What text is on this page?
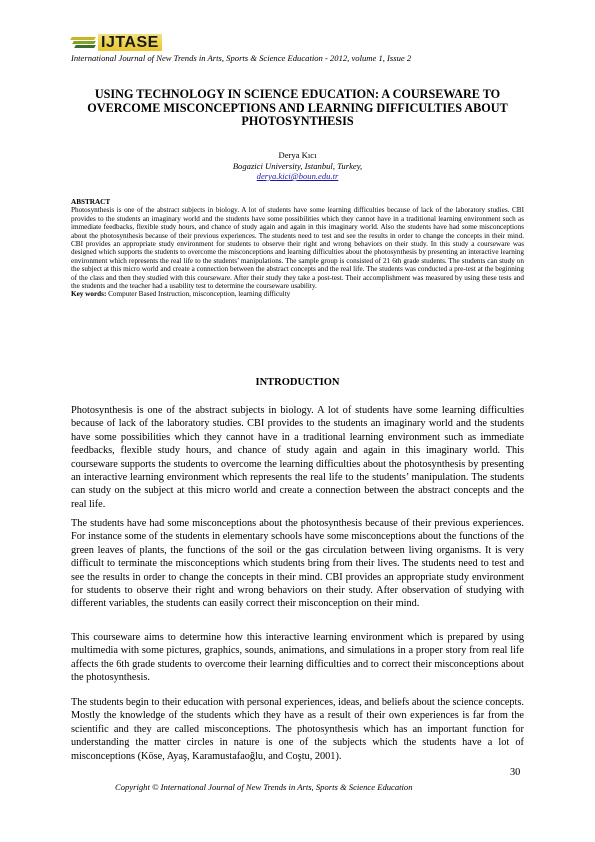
IJTASE
International Journal of New Trends in Arts, Sports & Science Education - 2012, volume 1, Issue 2
USING TECHNOLOGY IN SCIENCE EDUCATION: A COURSEWARE TO OVERCOME MISCONCEPTIONS AND LEARNING DIFFICULTIES ABOUT PHOTOSYNTHESIS
Derya Kıcı
Bogazici University, Istanbul, Turkey,
derya.kici@boun.edu.tr
ABSTRACT
Photosynthesis is one of the abstract subjects in biology. A lot of students have some learning difficulties because of lack of the laboratory studies. CBI provides to the students an imaginary world and the students have some possibilities which they cannot have in a traditional learning environment such as immediate feedbacks, flexible study hours, and chance of study again and again in this imaginary world. Also the students have had some misconceptions about the photosynthesis because of their previous experiences. The students need to test and see the results in order to change the concepts in their mind. CBI provides an appropriate study environment for students to observe their right and wrong behaviors on their study. In this study a courseware was designed which supports the students to overcome the misconceptions and learning difficulties about the photosynthesis by presenting an interactive learning environment which represents the real life to the students’ manipulations. The sample group is consisted of 21 6th grade students. The students can study on the subject at this micro world and create a connection between the abstract concepts and the real life. The students was conducted a pre-test at the beginning of the class and then they studied with this courseware. After their study they take a post-test. Their accomplishment was measured by using these tests and the students and the teacher had a usability test to determine the courseware usability.
Key words: Computer Based Instruction, misconception, learning difficulty
INTRODUCTION

Photosynthesis is one of the abstract subjects in biology. A lot of students have some learning difficulties because of lack of the laboratory studies. CBI provides to the students an imaginary world and the students have some possibilities which they cannot have in a traditional learning environment such as immediate feedbacks, flexible study hours, and chance of study again and again in this imaginary world. This courseware supports the students to overcome the learning difficulties about the photosynthesis by presenting an interactive learning environment which represents the real life to the students’ manipulation. The students can study on the subject at this micro world and create a connection between the abstract concepts and the real life.

The students have had some misconceptions about the photosynthesis because of their previous experiences. For instance some of the students in elementary schools have some misconceptions about the functions of the green leaves of plants, the functions of the soil or the gas circulation between living organisms. It is very difficult to terminate the misconceptions which students bring from their lives. The students need to test and see the results in order to change the concepts in their mind. CBI provides an appropriate study environment for students to observe their right and wrong behaviors on their study. After observation of studying with different variables, the students can easily correct their misconception on their mind.

This courseware aims to determine how this interactive learning environment which is prepared by using multimedia with some pictures, graphics, sounds, animations, and simulations in a proper story from real life affects the 6th grade students to overcome their learning difficulties and to correct their misconceptions about the photosynthesis.

The students begin to their education with personal experiences, ideas, and beliefs about the science concepts. Mostly the knowledge of the students which they have as a result of their own experiences is far from the scientific and they are called misconceptions. The photosynthesis which has an important function for understanding the matter circles in nature is one of the subjects which the students have a lot of misconceptions (Köse, Ayaş, Karamustafaoğlu, and Coştu, 2001).

30
Copyright © International Journal of New Trends in Arts, Sports & Science Education
